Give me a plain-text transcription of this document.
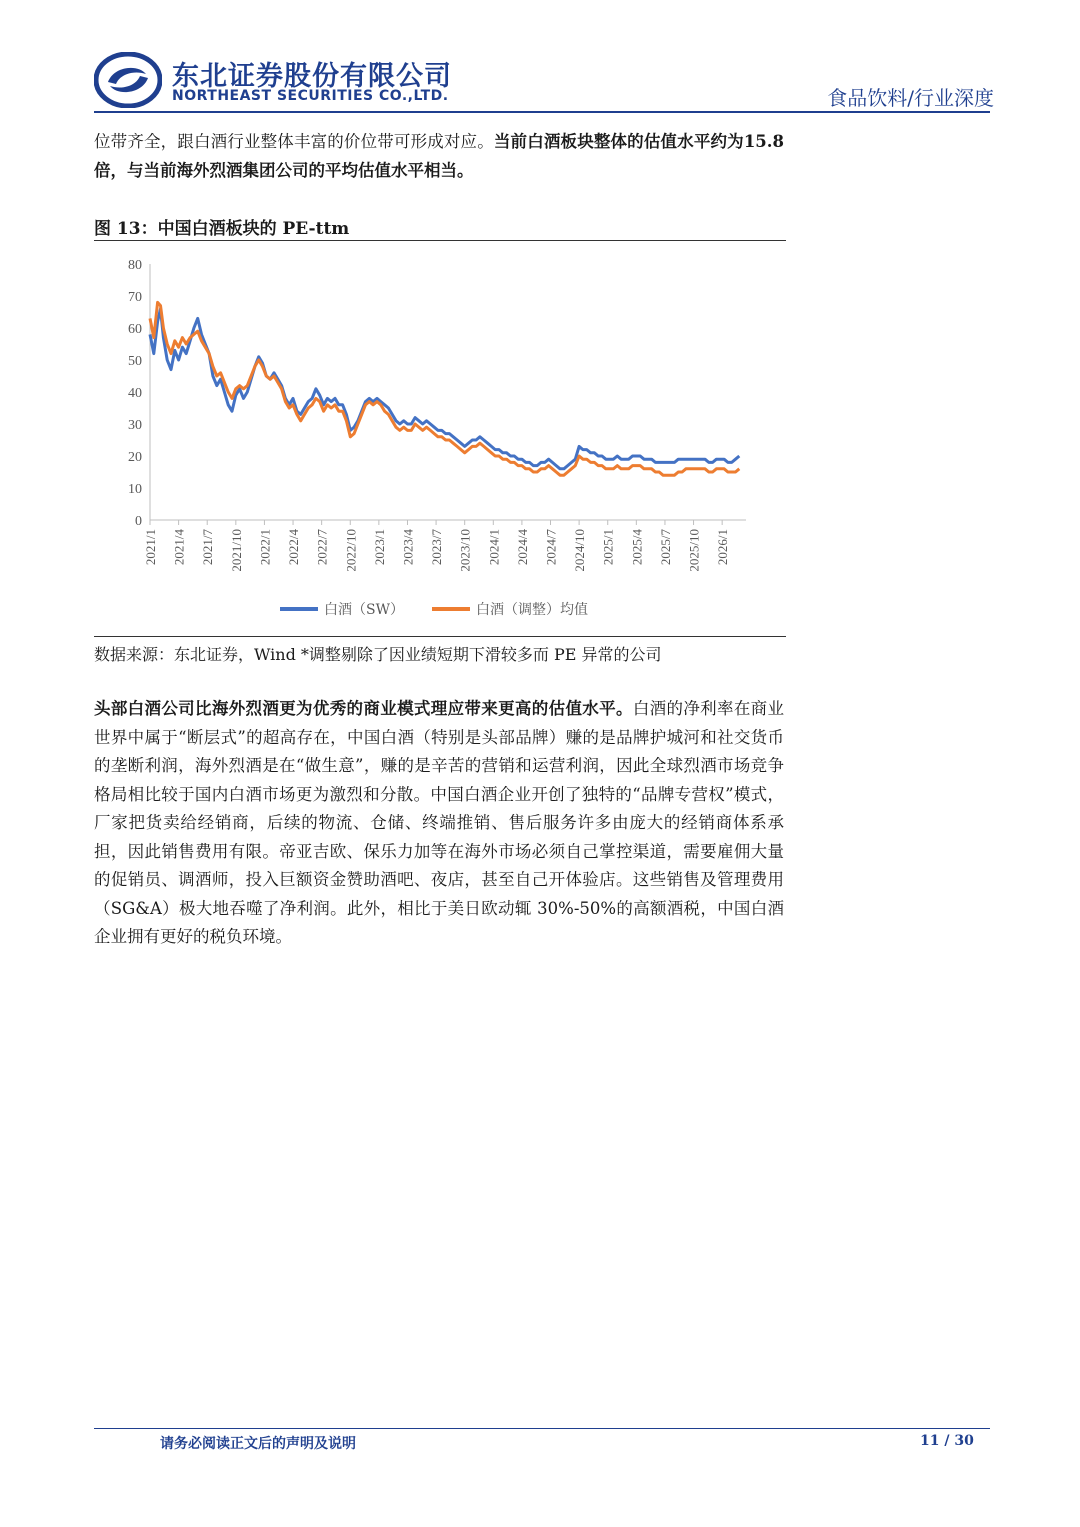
东北证券股份有限公司
NORTHEAST SECURITIES CO.,LTD.	食品饮料/行业深度

位带齐全，跟白酒行业整体丰富的价位带可形成对应。当前白酒板块整体的估值水平约为15.8倍，与当前海外烈酒集团公司的平均估值水平相当。

图 13：中国白酒板块的 PE-ttm
0
10
20
30
40
50
60
70
80
2021/1 2021/4 2021/7 2021/10 2022/1 2022/4 2022/7 2022/10 2023/1 2023/4 2023/7 2023/10 2024/1 2024/4 2024/7 2024/10 2025/1 2025/4 2025/7 2025/10 2026/1
白酒（SW）	白酒（调整）均值
数据来源：东北证券，Wind *调整剔除了因业绩短期下滑较多而 PE 异常的公司

头部白酒公司比海外烈酒更为优秀的商业模式理应带来更高的估值水平。白酒的净利率在商业世界中属于“断层式”的超高存在，中国白酒（特别是头部品牌）赚的是品牌护城河和社交货币的垄断利润，海外烈酒是在“做生意”，赚的是辛苦的营销和运营利润，因此全球烈酒市场竞争格局相比较于国内白酒市场更为激烈和分散。中国白酒企业开创了独特的“品牌专营权”模式，厂家把货卖给经销商，后续的物流、仓储、终端推销、售后服务许多由庞大的经销商体系承担，因此销售费用有限。帝亚吉欧、保乐力加等在海外市场必须自己掌控渠道，需要雇佣大量的促销员、调酒师，投入巨额资金赞助酒吧、夜店，甚至自己开体验店。这些销售及管理费用（SG&A）极大地吞噬了净利润。此外，相比于美日欧动辄 30%-50%的高额酒税，中国白酒企业拥有更好的税负环境。

请务必阅读正文后的声明及说明	11 / 30
